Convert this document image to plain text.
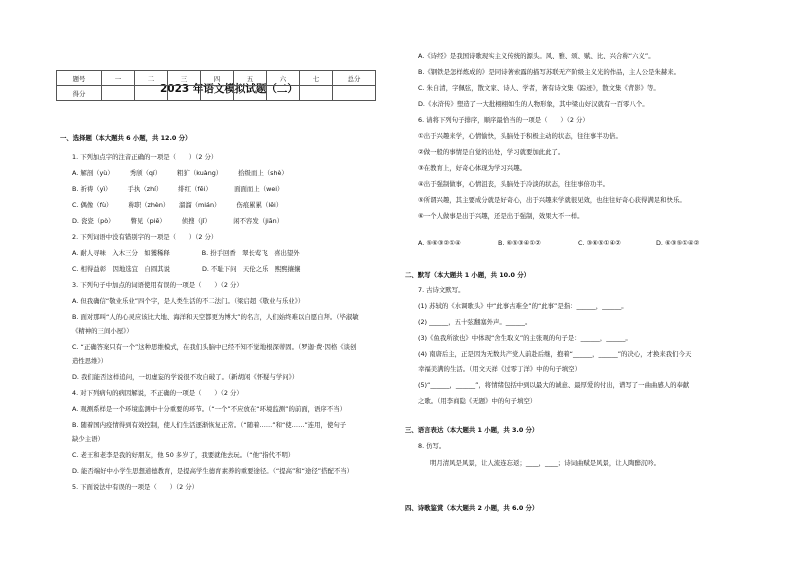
2023 年语文模拟试题（二）
题号	一	二	三	四	五	六	七	总分
得分								
一、选择题（本大题共 6 小题，共 12.0 分）
1. 下列加点字的注音正确的一项是（　　）（2 分）
A. 解剖（yù）　　　秀颀（qí）　　　粗犷（kuàng）　　　拾级而上（shè）
B. 祈祷（yì）　　　手执（zhí）　　　绯红（fēi）　　　　面面而上（wei）
C. 偶像（fù）　　　称职（zhèn）　　溜溜（mián）　　　伤痕累累（lěi）
D. 瓷瓷（pò）　　　瞥见（piē）　　　侦搜（jǐ）　　　　闲不容发（jiān）
2. 下列词语中没有错别字的一项是（　　）（2 分）
A. 耐人寻味　入木三分　如獲稀释　　　　　B. 扮手回香　翠长莺飞　喜出望外
C. 相得益彰　因地选宜　自圆其说　　　　　D. 不耻下问　天伦之乐　熙熙攘攘
3. 下列句子中加点的词语使用有误的一项是（　　）（2 分）
A. 但我确信“敬业乐业”四个字，是人类生活的不二法门。（梁启超《敬业与乐业》）
B. 面对那叫“人的心灵应该比大地、海洋和天空都更为博大”的名言，人们始终难以自愿自拜。（毕淑敏
《精神的三间小屋》）
C. “正确答案只有一个”这种思维模式，在我们头脑中已经不知不觉地根深蒂固。（罗迦·费·因格《谈创
造性思维》）
D. 我们能否这样追问，一切虚妄的学说很不攻自破了。（新胡闲《怀疑与学问》）
4. 对下列病句的病因解说，不正确的一项是（　　）（2 分）
A. 观测系样是一个环境监测中十分重要的环节。（“一个”不应放在“环境监测”的前面，语序不当）
B. 随着国内疫情得到有效控制，使人们生活逐渐恢复正常。（“随着……”和“使……”连用，使句子
缺少主语）
C. 老王和老李是我的好朋友，他 50 多岁了，我要就他去玩。（“他”指代不明）
D. 能否端好中小学生思想道德教育，是提高学生德育素养的重要途径。（“提高”和“途径”搭配不当）
5. 下面说法中有误的一项是（　　）（2 分）
A.《诗经》是我国诗歌现实主义传统的源头。风、雅、颂、赋、比、兴合称“六义”。
B.《钢铁是怎样炼成的》是同诗著索露的描写苏联无产阶级主义光的作品，主人公是朱赫来。
C. 朱自清，字佩弦，散文家、诗人、学者，著有诗文集《踪迹》，散文集《背影》等。
D.《水浒传》塑造了一大批栩栩如生的人物形象，其中梁山好汉就有一百零八个。
6. 请将下列句子排序，顺序最恰当的一项是（　　）（2 分）
①出于兴趣来学，心情愉快，头脑处于积极主动的状态，往往事半功倍。
②做一般的事情是自觉的出处，学习就要加此此了。
③在教育上，好奇心体现为学习兴趣。
④出于强制做事，心情沮丧，头脑处于冷淡的状态，往往事倍功半。
⑤所谓兴趣，其主要成分就是好奇心，出于兴趣来学就很见效，也往往好奇心获得满足和快乐。
⑥一个人做事是出于兴趣，还是出于强制，效果大不一样。
A. ⑤⑥③②①④	B. ⑥⑤③④①②	C. ③⑥⑤①④②	D. ⑥③⑤①④②
二、默写（本大题共 1 小题，共 10.0 分）
7. 古诗文默写。
(1) 苏轼的《水调歌头》中“此事古难全”的“此事”是指：______，______。
(2) ______，五十弦翻塞外声。______。
(3)《鱼我所欲也》中体现“舍生取义”的主张观的句子是：______，______。
(4) 南唐后主，正是因为无数共产党人前赴后继，抱着“______，______”的决心，才换来我们今天
幸福美满的生活。（用文天祥《过零丁洋》中的句子填空）
(5)“______，______”，将情绪包括中到以最大的诚意、最厚爱的付出，谱写了一曲曲感人的奉献
之歌。（用李商隐《无题》中的句子填空）
三、语言表达（本大题共 1 小题，共 3.0 分）
8. 仿写。
明月清风是风景，让人流连忘返；____，____；诗词曲赋是风景，让人陶醉沉吟。
四、诗歌鉴赏（本大题共 2 小题，共 6.0 分）
